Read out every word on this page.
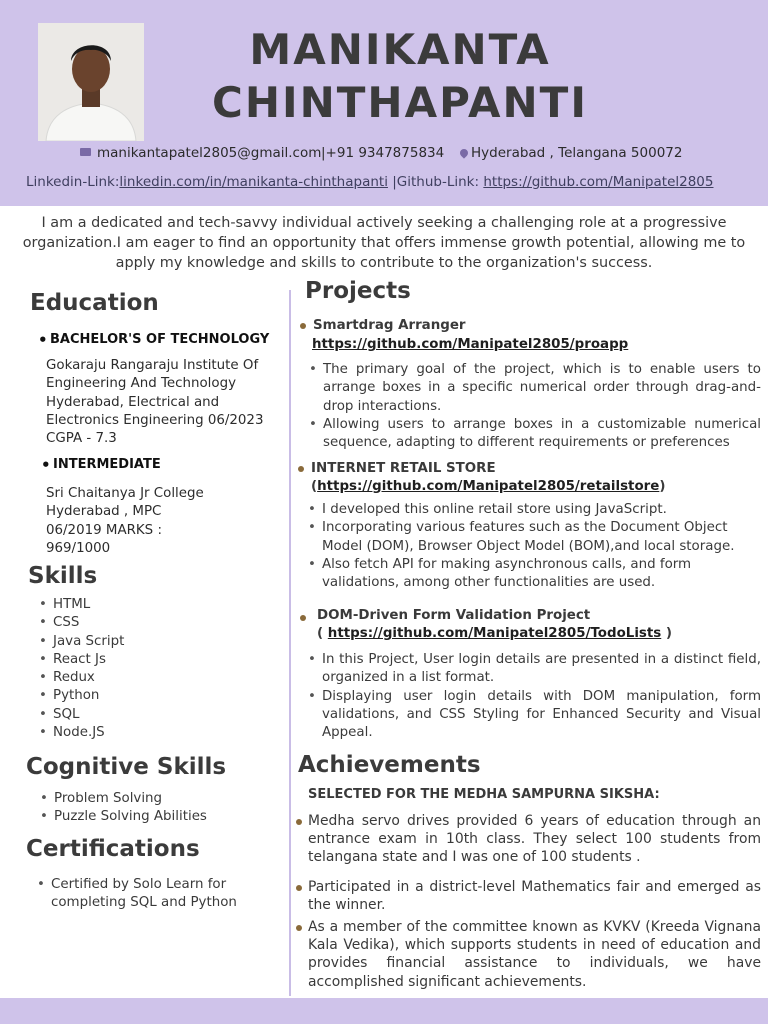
MANIKANTA
CHINTHAPANTI
manikantapatel2805@gmail.com |+91 9347875834	Hyderabad , Telangana 500072
Linkedin-Link:linkedin.com/in/manikanta-chinthapanti |Github-Link: https://github.com/Manipatel2805
I am a dedicated and tech-savvy individual actively seeking a challenging role at a progressive organization.I am eager to find an opportunity that offers immense growth potential, allowing me to apply my knowledge and skills to contribute to the organization's success.
Education
• BACHELOR'S OF TECHNOLOGY
Gokaraju Rangaraju Institute Of
Engineering And Technology
Hyderabad, Electrical and
Electronics Engineering 06/2023
CGPA - 7.3
• INTERMEDIATE
Sri Chaitanya Jr College
Hyderabad , MPC
06/2019 MARKS :
969/1000
Skills
• HTML
• CSS
• Java Script
• React Js
• Redux
• Python
• SQL
• Node.JS
Cognitive Skills
• Problem Solving
• Puzzle Solving Abilities
Certifications
• Certified by Solo Learn for
completing SQL and Python
Projects
Smartdrag Arranger
https://github.com/Manipatel2805/proapp
• The primary goal of the project, which is to enable users to arrange boxes in a specific numerical order through drag-and-drop interactions.
• Allowing users to arrange boxes in a customizable numerical sequence, adapting to different requirements or preferences
INTERNET RETAIL STORE
(https://github.com/Manipatel2805/retailstore)
• I developed this online retail store using JavaScript.
• Incorporating various features such as the Document Object Model (DOM), Browser Object Model (BOM),and local storage.
• Also fetch API for making asynchronous calls, and form validations, among other functionalities are used.
DOM-Driven Form Validation Project
( https://github.com/Manipatel2805/TodoLists )
• In this Project, User login details are presented in a distinct field, organized in a list format.
• Displaying user login details with DOM manipulation, form validations, and CSS Styling for Enhanced Security and Visual Appeal.
Achievements
SELECTED FOR THE MEDHA SAMPURNA SIKSHA:
Medha servo drives provided 6 years of education through an entrance exam in 10th class. They select 100 students from telangana state and I was one of 100 students .
Participated in a district-level Mathematics fair and emerged as the winner.
As a member of the committee known as KVKV (Kreeda Vignana Kala Vedika), which supports students in need of education and provides financial assistance to individuals, we have accomplished significant achievements.
